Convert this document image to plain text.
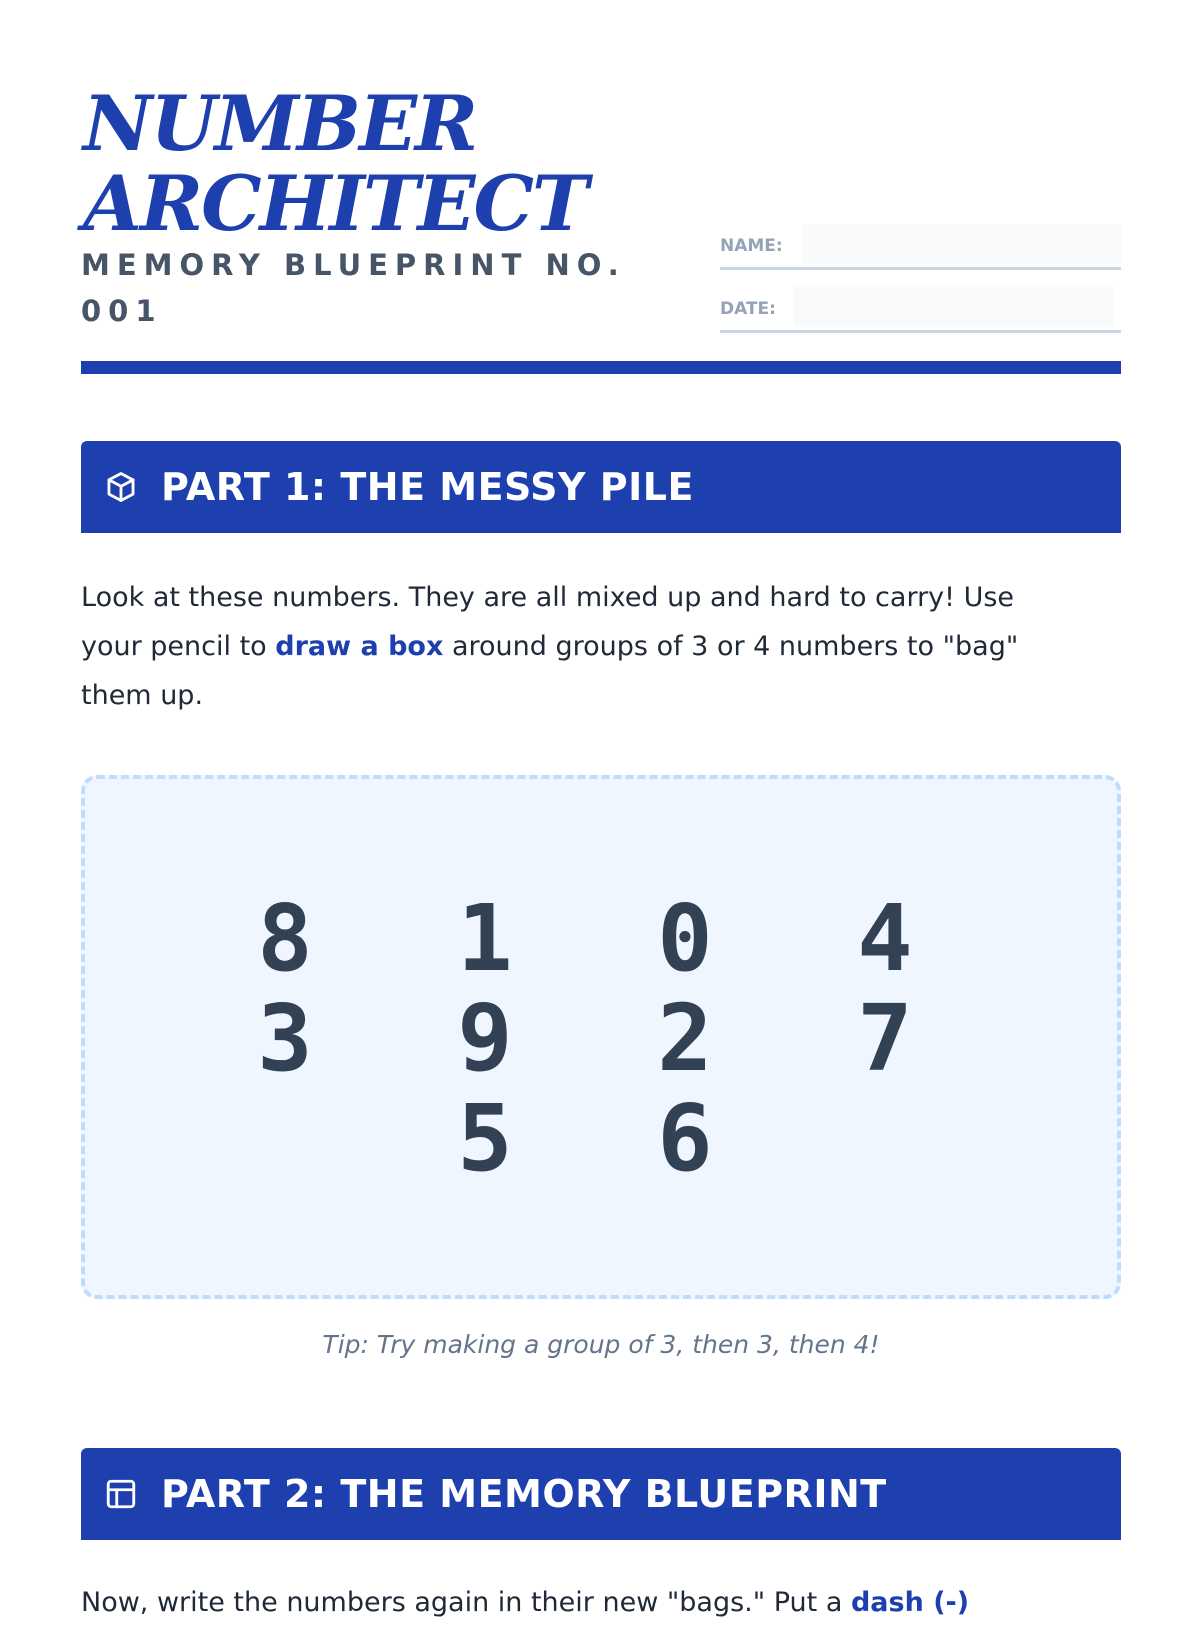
NUMBER
ARCHITECT
MEMORY BLUEPRINT NO. 001
NAME:
DATE:
PART 1: THE MESSY PILE
Look at these numbers. They are all mixed up and hard to carry! Use your pencil to draw a box around groups of 3 or 4 numbers to "bag" them up.
8 1 0 4
3 9 2 7
5 6
Tip: Try making a group of 3, then 3, then 4!
PART 2: THE MEMORY BLUEPRINT
Now, write the numbers again in their new "bags." Put a dash (-)
